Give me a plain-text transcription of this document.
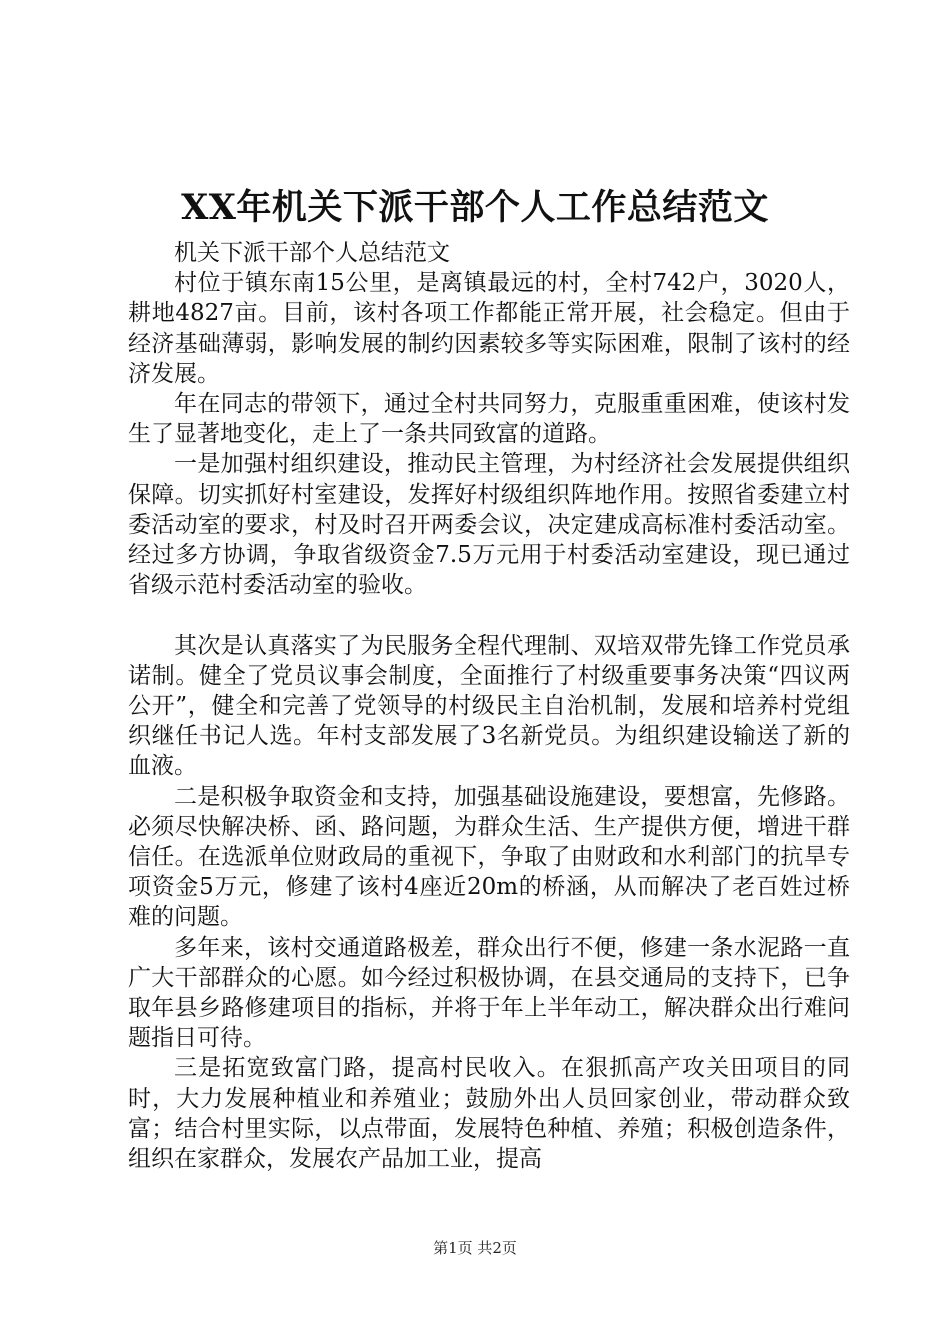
XX年机关下派干部个人工作总结范文

机关下派干部个人总结范文

村位于镇东南15公里，是离镇最远的村，全村742户，3020人，耕地4827亩。目前，该村各项工作都能正常开展，社会稳定。但由于经济基础薄弱，影响发展的制约因素较多等实际困难，限制了该村的经济发展。

年在同志的带领下，通过全村共同努力，克服重重困难，使该村发生了显著地变化，走上了一条共同致富的道路。

一是加强村组织建设，推动民主管理，为村经济社会发展提供组织保障。切实抓好村室建设，发挥好村级组织阵地作用。按照省委建立村委活动室的要求，村及时召开两委会议，决定建成高标准村委活动室。经过多方协调，争取省级资金7.5万元用于村委活动室建设，现已通过省级示范村委活动室的验收。

其次是认真落实了为民服务全程代理制、双培双带先锋工作党员承诺制。健全了党员议事会制度，全面推行了村级重要事务决策“四议两公开”，健全和完善了党领导的村级民主自治机制，发展和培养村党组织继任书记人选。年村支部发展了3名新党员。为组织建设输送了新的血液。

二是积极争取资金和支持，加强基础设施建设，要想富，先修路。必须尽快解决桥、函、路问题，为群众生活、生产提供方便，增进干群信任。在选派单位财政局的重视下，争取了由财政和水利部门的抗旱专项资金5万元，修建了该村4座近20m的桥涵，从而解决了老百姓过桥难的问题。

多年来，该村交通道路极差，群众出行不便，修建一条水泥路一直广大干部群众的心愿。如今经过积极协调，在县交通局的支持下，已争取年县乡路修建项目的指标，并将于年上半年动工，解决群众出行难问题指日可待。

三是拓宽致富门路，提高村民收入。在狠抓高产攻关田项目的同时，大力发展种植业和养殖业；鼓励外出人员回家创业，带动群众致富；结合村里实际，以点带面，发展特色种植、养殖；积极创造条件，组织在家群众，发展农产品加工业，提高

第1页 共2页
